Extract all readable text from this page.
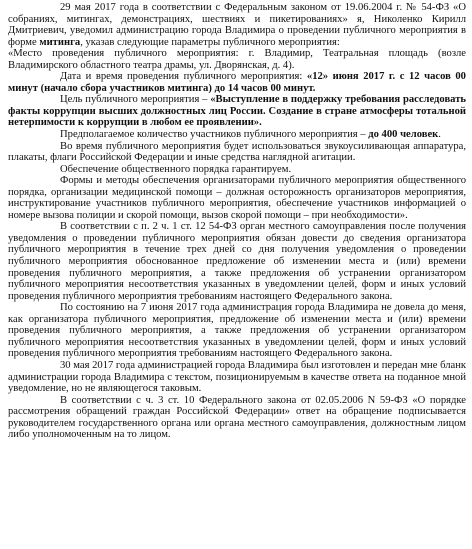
29 мая 2017 года в соответствии с Федеральным законом от 19.06.2004 г. № 54-ФЗ «О собраниях, митингах, демонстрациях, шествиях и пикетированиях» я, Николенко Кирилл Дмитриевич, уведомил администрацию города Владимира о проведении публичного мероприятия в форме митинга, указав следующие параметры публичного мероприятия:

«Место проведения публичного мероприятия: г. Владимир, Театральная площадь (возле Владимирского областного театра драмы, ул. Дворянская, д. 4).

Дата и время проведения публичного мероприятия: «12» июня 2017 г. с 12 часов 00 минут (начало сбора участников митинга) до 14 часов 00 минут.

Цель публичного мероприятия – «Выступление в поддержку требования расследовать факты коррупции высших должностных лиц России. Создание в стране атмосферы тотальной нетерпимости к коррупции в любом ее проявлении».

Предполагаемое количество участников публичного мероприятия – до 400 человек.

Во время публичного мероприятия будет использоваться звукоусиливающая аппаратура, плакаты, флаги Российской Федерации и иные средства наглядной агитации.

Обеспечение общественного порядка гарантируем.

Формы и методы обеспечения организаторами публичного мероприятия общественного порядка, организации медицинской помощи – должная осторожность организаторов мероприятия, инструктирование участников публичного мероприятия, обеспечение участников информацией о номере вызова полиции и скорой помощи, вызов скорой помощи – при необходимости».

В соответствии с п. 2 ч. 1 ст. 12 54-ФЗ орган местного самоуправления после получения уведомления о проведении публичного мероприятия обязан довести до сведения организатора публичного мероприятия в течение трех дней со дня получения уведомления о проведении публичного мероприятия обоснованное предложение об изменении места и (или) времени проведения публичного мероприятия, а также предложения об устранении организатором публичного мероприятия несоответствия указанных в уведомлении целей, форм и иных условий проведения публичного мероприятия требованиям настоящего Федерального закона.

По состоянию на 7 июня 2017 года администрация города Владимира не довела до меня, как организатора публичного мероприятия, предложение об изменении места и (или) времени проведения публичного мероприятия, а также предложения об устранении организатором публичного мероприятия несоответствия указанных в уведомлении целей, форм и иных условий проведения публичного мероприятия требованиям настоящего Федерального закона.

30 мая 2017 года администрацией города Владимира был изготовлен и передан мне бланк администрации города Владимира с текстом, позиционируемым в качестве ответа на поданное мной уведомление, но не являющегося таковым.

В соответствии с ч. 3 ст. 10 Федерального закона от 02.05.2006 N 59-ФЗ «О порядке рассмотрения обращений граждан Российской Федерации» ответ на обращение подписывается руководителем государственного органа или органа местного самоуправления, должностным лицом либо уполномоченным на то лицом.
